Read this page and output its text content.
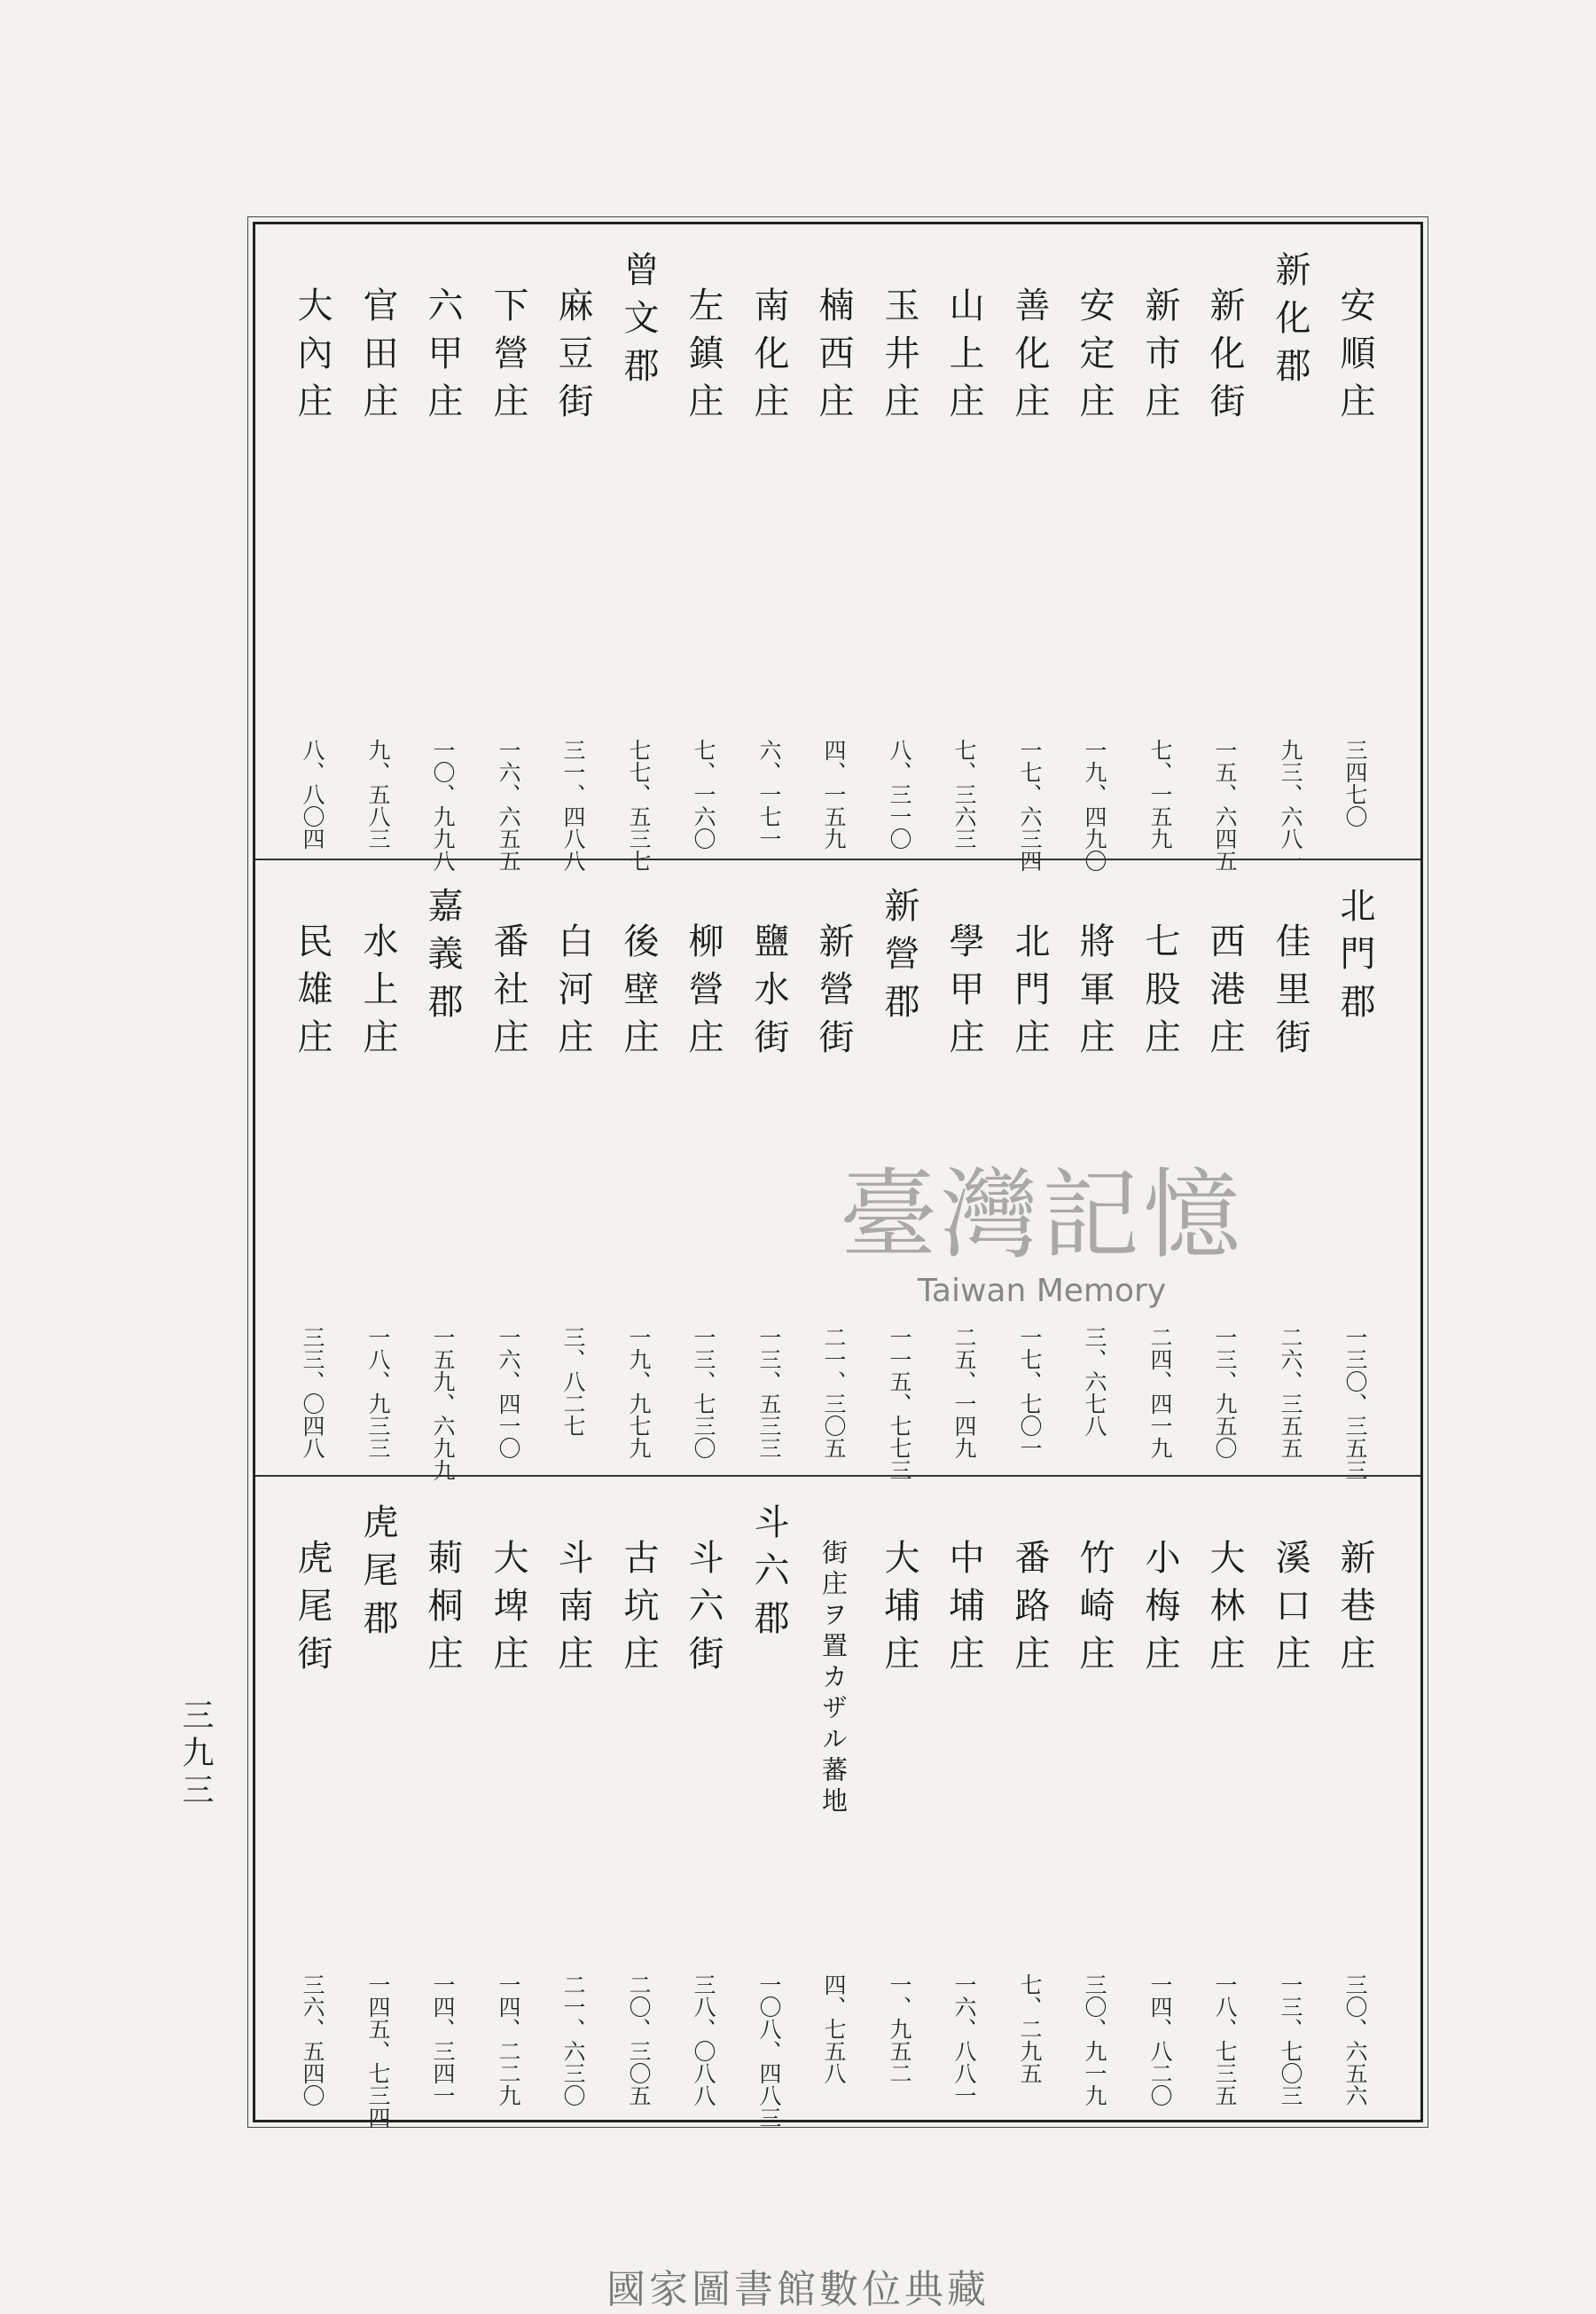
三九三
安順庄
三四七〇
新化郡
九三、六八一
新化街
一五、六四五
新市庄
七、一五九
安定庄
一九、四九〇
善化庄
一七、六三四
山上庄
七、三六三
玉井庄
八、三一〇
楠西庄
四、一五九
南化庄
六、一七一
左鎮庄
七、一六〇
曾文郡
七七、五三七
麻豆街
三一、四八八
下營庄
一六、六五五
六甲庄
一〇、九九八
官田庄
九、五八三
大內庄
八、八〇四
北門郡
一三〇、三五三
佳里街
二六、三五五
西港庄
一三、九五〇
七股庄
二四、四一九
將軍庄
三、六七八
北門庄
一七、七〇一
學甲庄
二五、一四九
新營郡
一一五、七七三
新營街
二一、三〇五
鹽水街
一三、五三三
柳營庄
一三、七三〇
後壁庄
一九、九七九
白河庄
三、八二七
番社庄
一六、四一〇
嘉義郡
一五九、六九九
水上庄
一八、九三三
民雄庄
三三、〇四八
新巷庄
三〇、六五六
溪口庄
一三、七〇三
大林庄
一八、七三五
小梅庄
一四、八二〇
竹崎庄
三〇、九一九
番路庄
七、二九五
中埔庄
一六、八八一
大埔庄
一、九五二
街庄ヲ置カザル蕃地
四、七五八
斗六郡
一〇八、四八三
斗六街
三八、〇八八
古坑庄
二〇、三〇五
斗南庄
二一、六三〇
大埤庄
一四、二二九
莿桐庄
一四、三四一
虎尾郡
一四五、七三四
虎尾街
三六、五四〇
臺灣記憶
Taiwan Memory
國家圖書館數位典藏
